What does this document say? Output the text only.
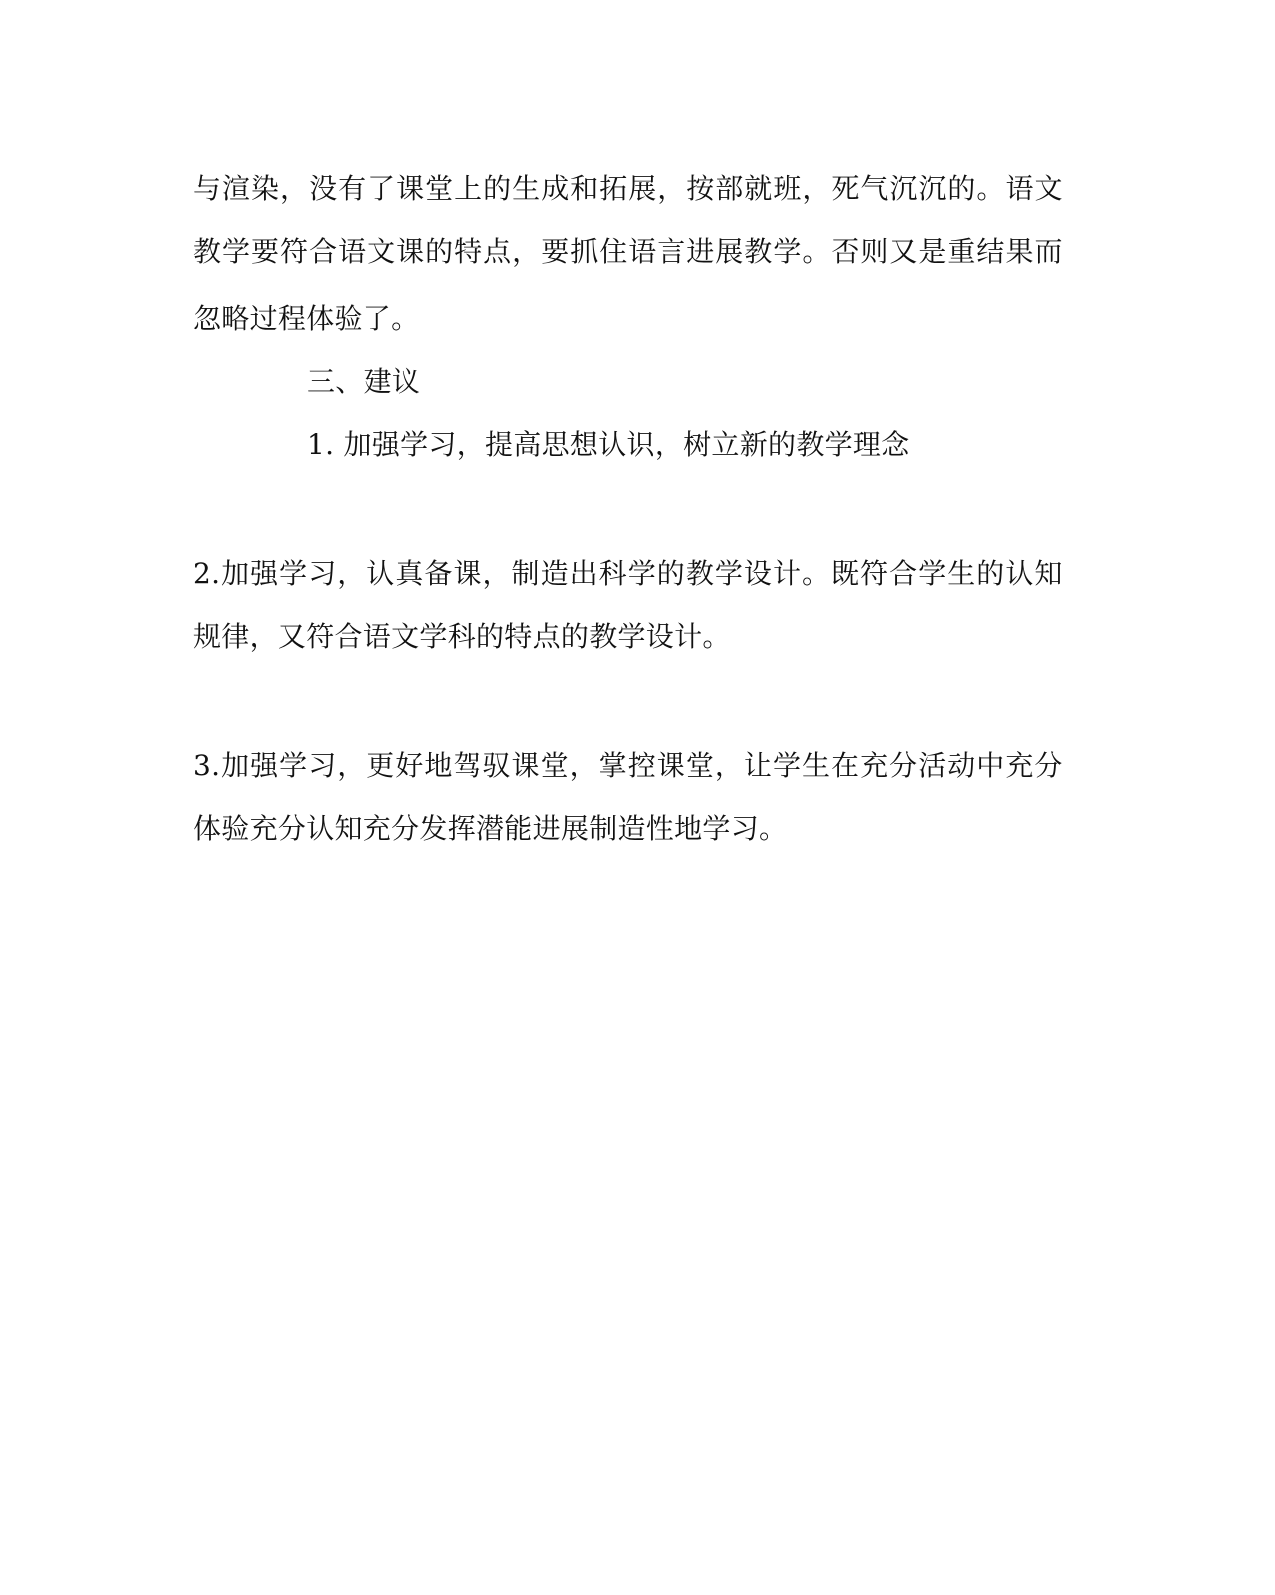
与 渲 染 ， 没 有 了 课 堂 上 的 生 成 和 拓 展 ， 按 部 就 班 ， 死 气 沉 沉 的 。 语 文
教 学 要 符 合 语 文 课 的 特 点 ， 要 抓 住 语 言 进 展 教 学 。 否 则 又 是 重 结 果 而
忽略过程体验了。
三、建议
1. 加强学习，提高思想认识，树立新的教学理念
2. 加 强 学 习 ， 认 真 备 课 ， 制 造 出 科 学 的 教 学 设 计 。 既 符 合 学 生 的 认 知
规律，又符合语文学科的特点的教学设计。
3. 加 强 学 习 ， 更 好 地 驾 驭 课 堂 ， 掌 控 课 堂 ， 让 学 生 在 充 分 活 动 中 充 分
体验充分认知充分发挥潜能进展制造性地学习。
